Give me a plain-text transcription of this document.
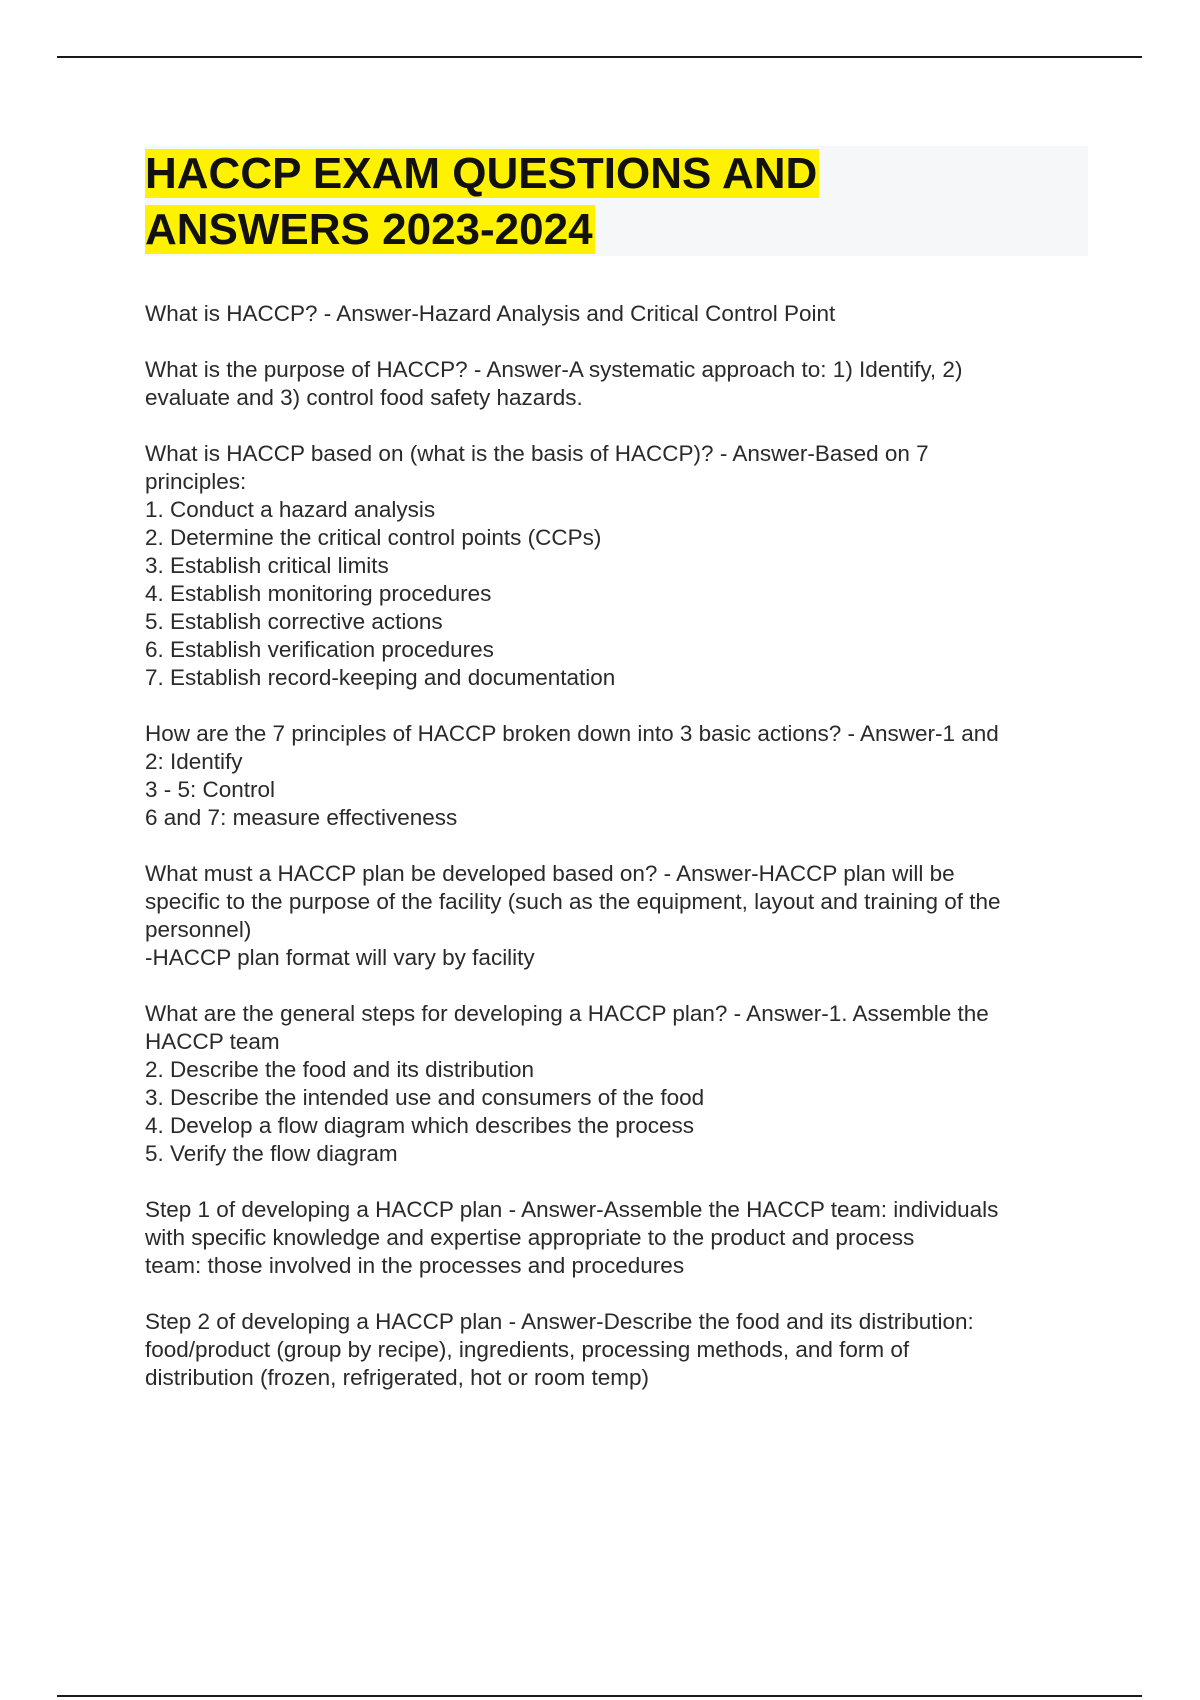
HACCP EXAM QUESTIONS AND ANSWERS 2023-2024

What is HACCP? - Answer-Hazard Analysis and Critical Control Point

What is the purpose of HACCP? - Answer-A systematic approach to: 1) Identify, 2)
evaluate and 3) control food safety hazards.

What is HACCP based on (what is the basis of HACCP)? - Answer-Based on 7
principles:
1. Conduct a hazard analysis
2. Determine the critical control points (CCPs)
3. Establish critical limits
4. Establish monitoring procedures
5. Establish corrective actions
6. Establish verification procedures
7. Establish record-keeping and documentation

How are the 7 principles of HACCP broken down into 3 basic actions? - Answer-1 and
2: Identify
3 - 5: Control
6 and 7: measure effectiveness

What must a HACCP plan be developed based on? - Answer-HACCP plan will be
specific to the purpose of the facility (such as the equipment, layout and training of the
personnel)
-HACCP plan format will vary by facility

What are the general steps for developing a HACCP plan? - Answer-1. Assemble the
HACCP team
2. Describe the food and its distribution
3. Describe the intended use and consumers of the food
4. Develop a flow diagram which describes the process
5. Verify the flow diagram

Step 1 of developing a HACCP plan - Answer-Assemble the HACCP team: individuals
with specific knowledge and expertise appropriate to the product and process
team: those involved in the processes and procedures

Step 2 of developing a HACCP plan - Answer-Describe the food and its distribution:
food/product (group by recipe), ingredients, processing methods, and form of
distribution (frozen, refrigerated, hot or room temp)
